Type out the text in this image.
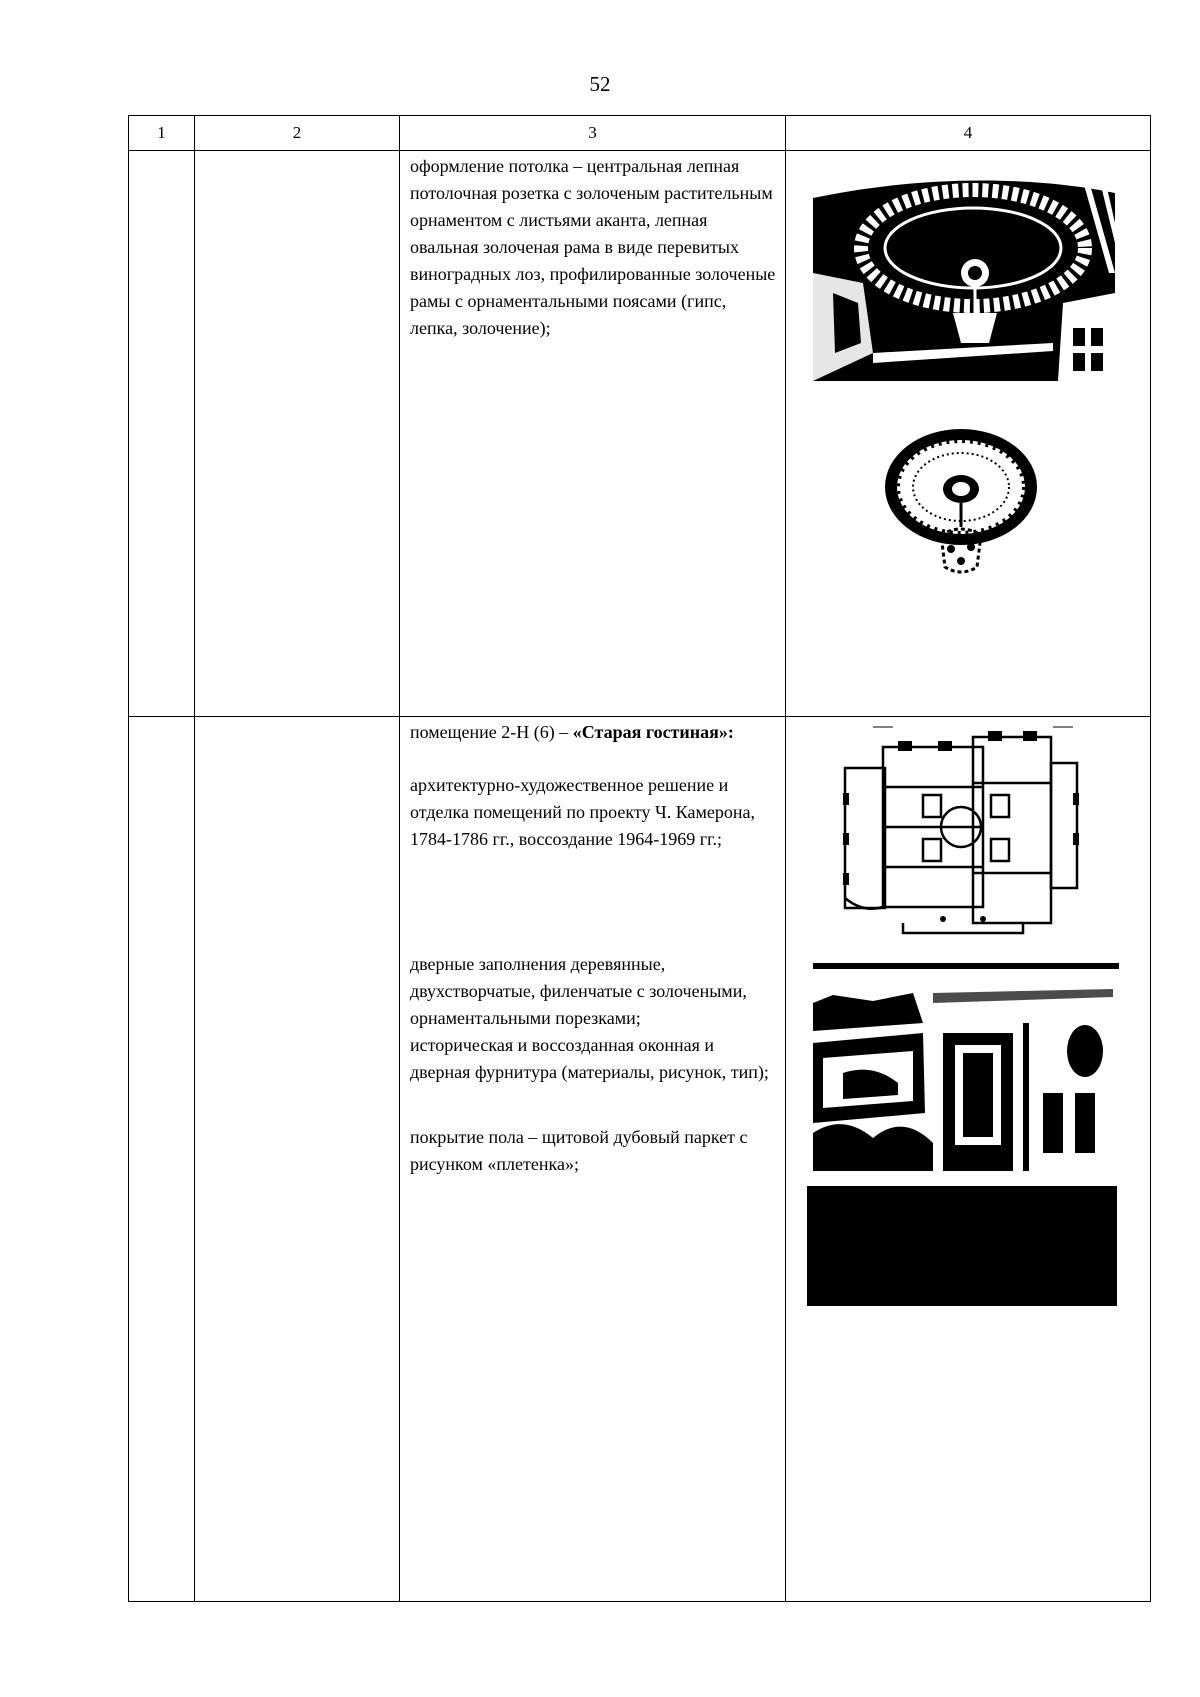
52
1	2	3	4

		оформление потолка – центральная лепная потолочная розетка с золоченым растительным орнаментом с листьями аканта, лепная овальная золоченая рама в виде перевитых виноградных лоз, профилированные золоченые рамы с орнаментальными поясами (гипс, лепка, золочение);

		помещение 2-Н (6) – «Старая гостиная»:

архитектурно-художественное решение и отделка помещений по проекту Ч. Камерона, 1784-1786 гг., воссоздание 1964-1969 гг.;

дверные заполнения деревянные, двухстворчатые, филенчатые с золочеными, орнаментальными порезками;

историческая и воссозданная оконная и дверная фурнитура (материалы, рисунок, тип);

покрытие пола – щитовой дубовый паркет с рисунком «плетенка»;
